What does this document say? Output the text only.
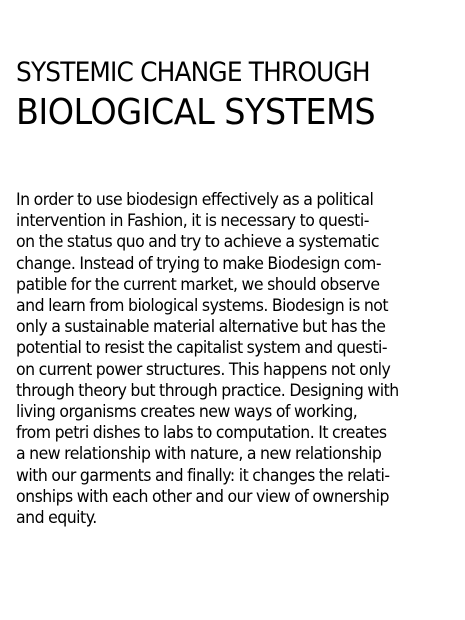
SYSTEMIC CHANGE THROUGH
BIOLOGICAL SYSTEMS

In order to use biodesign effectively as a political
intervention in Fashion, it is necessary to questi-
on the status quo and try to achieve a systematic
change. Instead of trying to make Biodesign com-
patible for the current market, we should observe
and learn from biological systems. Biodesign is not
only a sustainable material alternative but has the
potential to resist the capitalist system and questi-
on current power structures. This happens not only
through theory but through practice. Designing with
living organisms creates new ways of working,
from petri dishes to labs to computation. It creates
a new relationship with nature, a new relationship
with our garments and finally: it changes the relati-
onships with each other and our view of ownership
and equity.
